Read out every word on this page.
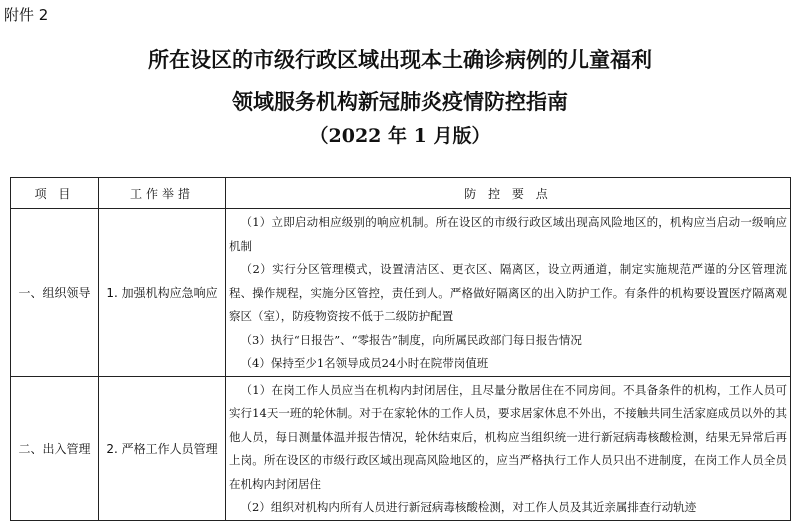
附件 2
所在设区的市级行政区域出现本土确诊病例的儿童福利
领域服务机构新冠肺炎疫情防控指南
（2022 年 1 月版）
项 目	工作举措	防 控 要 点
一、组织领导	1. 加强机构应急响应	（1）立即启动相应级别的响应机制。所在设区的市级行政区域出现高风险地区的，机构应当启动一级响应机制

（2）实行分区管理模式，设置清洁区、更衣区、隔离区，设立两通道，制定实施规范严谨的分区管理流程、操作规程，实施分区管控，责任到人。严格做好隔离区的出入防护工作。有条件的机构要设置医疗隔离观察区（室），防疫物资按不低于二级防护配置

（3）执行“日报告”、“零报告”制度，向所属民政部门每日报告情况

（4）保持至少1名领导成员24小时在院带岗值班

二、出入管理	2. 严格工作人员管理	（1）在岗工作人员应当在机构内封闭居住，且尽量分散居住在不同房间。不具备条件的机构，工作人员可实行14天一班的轮休制。对于在家轮休的工作人员，要求居家休息不外出，不接触共同生活家庭成员以外的其他人员，每日测量体温并报告情况，轮休结束后，机构应当组织统一进行新冠病毒核酸检测，结果无异常后再上岗。所在设区的市级行政区域出现高风险地区的，应当严格执行工作人员只出不进制度，在岗工作人员全员在机构内封闭居住

（2）组织对机构内所有人员进行新冠病毒核酸检测，对工作人员及其近亲属排查行动轨迹
